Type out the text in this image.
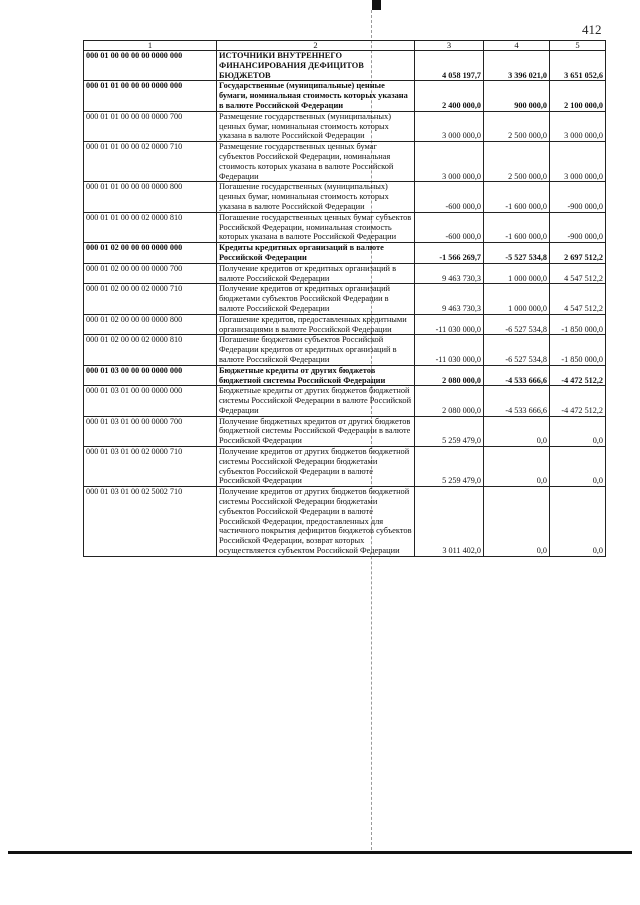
412
1	2	3	4	5
000 01 00 00 00 00 0000 000	ИСТОЧНИКИ ВНУТРЕННЕГО ФИНАНСИРОВАНИЯ ДЕФИЦИТОВ БЮДЖЕТОВ	4 058 197,7	3 396 021,0	3 651 052,6
000 01 01 00 00 00 0000 000	Государственные (муниципальные) ценные бумаги, номинальная стоимость которых указана в валюте Российской Федерации	2 400 000,0	900 000,0	2 100 000,0
000 01 01 00 00 00 0000 700	Размещение государственных (муниципальных) ценных бумаг, номинальная стоимость которых указана в валюте Российской Федерации	3 000 000,0	2 500 000,0	3 000 000,0
000 01 01 00 00 02 0000 710	Размещение государственных ценных бумаг субъектов Российской Федерации, номинальная стоимость которых указана в валюте Российской Федерации	3 000 000,0	2 500 000,0	3 000 000,0
000 01 01 00 00 00 0000 800	Погашение государственных (муниципальных) ценных бумаг, номинальная стоимость которых указана в валюте Российской Федерации	-600 000,0	-1 600 000,0	-900 000,0
000 01 01 00 00 02 0000 810	Погашение государственных ценных бумаг субъектов Российской Федерации, номинальная стоимость которых указана в валюте Российской Федерации	-600 000,0	-1 600 000,0	-900 000,0
000 01 02 00 00 00 0000 000	Кредиты кредитных организаций в валюте Российской Федерации	-1 566 269,7	-5 527 534,8	2 697 512,2
000 01 02 00 00 00 0000 700	Получение кредитов от кредитных организаций в валюте Российской Федерации	9 463 730,3	1 000 000,0	4 547 512,2
000 01 02 00 00 02 0000 710	Получение кредитов от кредитных организаций бюджетами субъектов Российской Федерации в валюте Российской Федерации	9 463 730,3	1 000 000,0	4 547 512,2
000 01 02 00 00 00 0000 800	Погашение кредитов, предоставленных кредитными организациями в валюте Российской Федерации	-11 030 000,0	-6 527 534,8	-1 850 000,0
000 01 02 00 00 02 0000 810	Погашение бюджетами субъектов Российской Федерации кредитов от кредитных организаций в валюте Российской Федерации	-11 030 000,0	-6 527 534,8	-1 850 000,0
000 01 03 00 00 00 0000 000	Бюджетные кредиты от других бюджетов бюджетной системы Российской Федерации	2 080 000,0	-4 533 666,6	-4 472 512,2
000 01 03 01 00 00 0000 000	Бюджетные кредиты от других бюджетов бюджетной системы Российской Федерации в валюте Российской Федерации	2 080 000,0	-4 533 666,6	-4 472 512,2
000 01 03 01 00 00 0000 700	Получение бюджетных кредитов от других бюджетов бюджетной системы Российской Федерации в валюте Российской Федерации	5 259 479,0	0,0	0,0
000 01 03 01 00 02 0000 710	Получение кредитов от других бюджетов бюджетной системы Российской Федерации бюджетами субъектов Российской Федерации в валюте Российской Федерации	5 259 479,0	0,0	0,0
000 01 03 01 00 02 5002 710	Получение кредитов от других бюджетов бюджетной системы Российской Федерации бюджетами субъектов Российской Федерации в валюте Российской Федерации, предоставленных для частичного покрытия дефицитов бюджетов субъектов Российской Федерации, возврат которых осуществляется субъектом Российской Федерации	3 011 402,0	0,0	0,0
